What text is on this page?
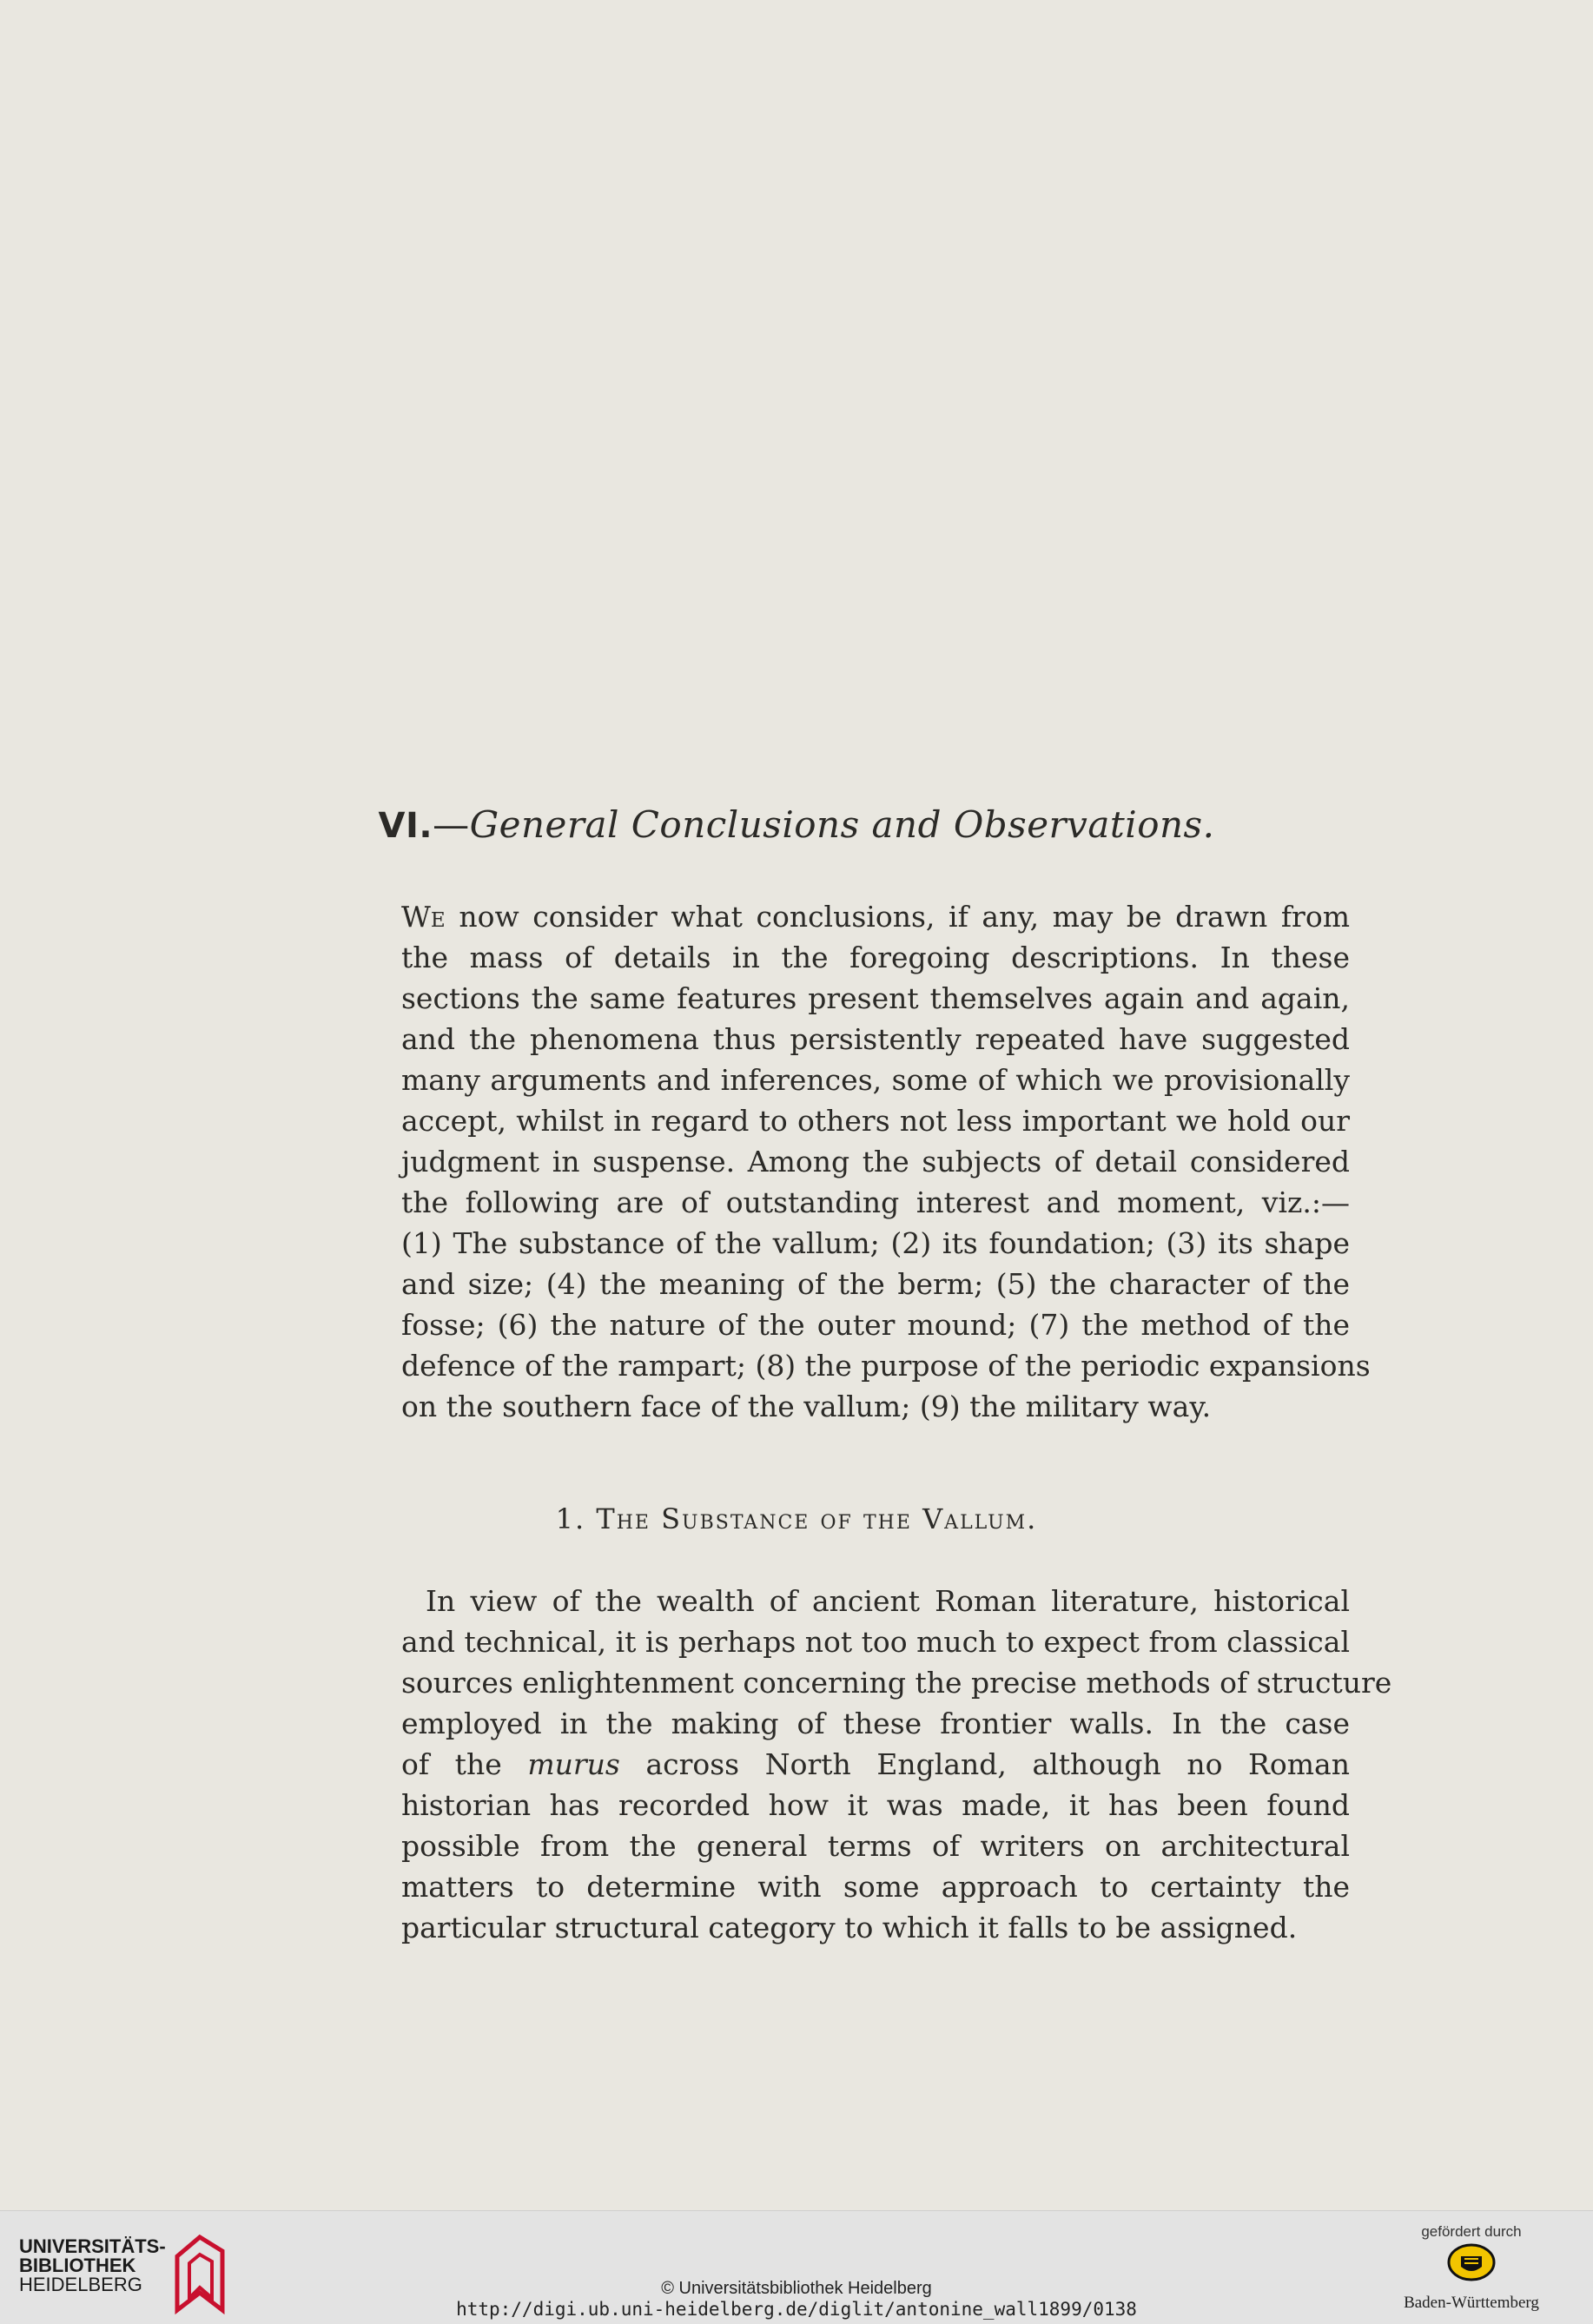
VI.—General Conclusions and Observations.
We now consider what conclusions, if any, may be drawn from
the mass of details in the foregoing descriptions. In these
sections the same features present themselves again and again,
and the phenomena thus persistently repeated have suggested
many arguments and inferences, some of which we provisionally
accept, whilst in regard to others not less important we hold our
judgment in suspense. Among the subjects of detail considered
the following are of outstanding interest and moment, viz.:—
(1) The substance of the vallum; (2) its foundation; (3) its shape
and size; (4) the meaning of the berm; (5) the character of the
fosse; (6) the nature of the outer mound; (7) the method of the
defence of the rampart; (8) the purpose of the periodic expansions
on the southern face of the vallum; (9) the military way.
1. The Substance of the Vallum.
In view of the wealth of ancient Roman literature, historical
and technical, it is perhaps not too much to expect from classical
sources enlightenment concerning the precise methods of structure
employed in the making of these frontier walls. In the case
of the murus across North England, although no Roman
historian has recorded how it was made, it has been found
possible from the general terms of writers on architectural
matters to determine with some approach to certainty the
particular structural category to which it falls to be assigned.
UNIVERSITÄTS-
BIBLIOTHEK
HEIDELBERG	© Universitätsbibliothek Heidelberg
http://digi.ub.uni-heidelberg.de/diglit/antonine_wall1899/0138
gefördert durch
Baden-Württemberg
